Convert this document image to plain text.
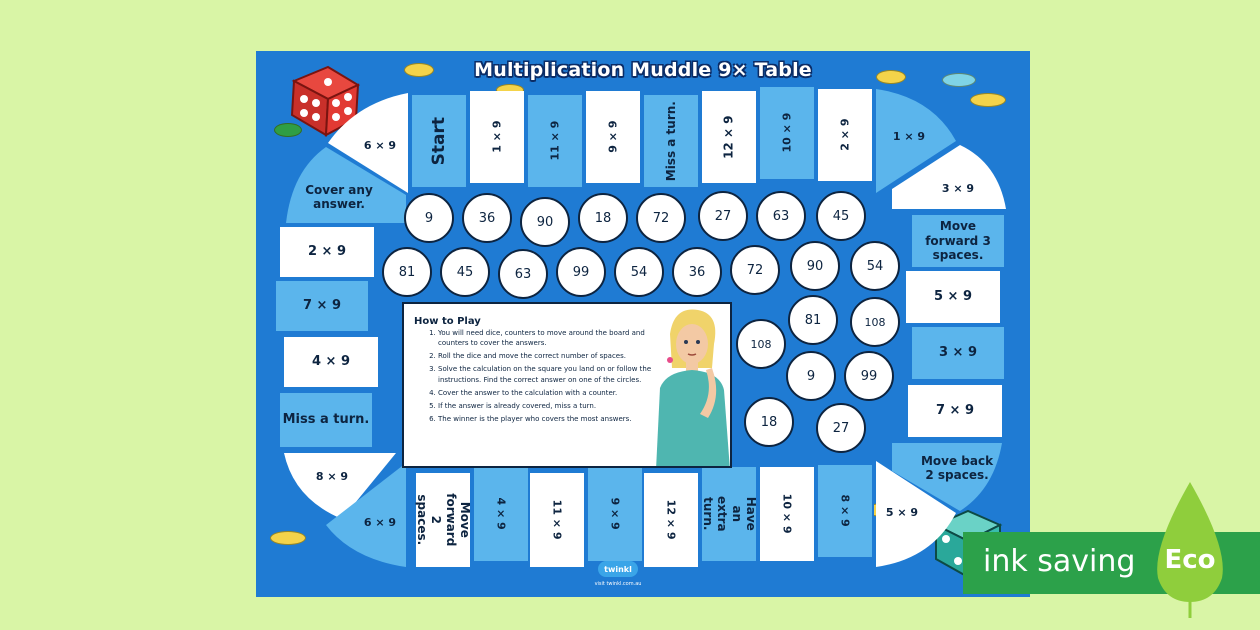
Multiplication Muddle 9× Table
6 × 9
Cover any answer.
1 × 9
3 × 9
8 × 9
6 × 9
Move back 2 spaces.
5 × 9
Start	1 × 9	11 × 9	9 × 9	Miss a turn.	12 × 9	10 × 9	2 × 9
2 × 9
7 × 9
4 × 9
Miss a turn.
Move forward 2 spaces.	4 × 9	11 × 9	9 × 9	12 × 9	Have an extra turn.	10 × 9	8 × 9
Move forward 3 spaces.
5 × 9
3 × 9
7 × 9
9	36	90	18	72	27	63	45
81	45	63	99	54	36	72	90	54
81	108
108
9	99
18	27
How to Play
1. You will need dice, counters to move around the board and counters to cover the answers.
2. Roll the dice and move the correct number of spaces.
3. Solve the calculation on the square you land on or follow the instructions. Find the correct answer on one of the circles.
4. Cover the answer to the calculation with a counter.
5. If the answer is already covered, miss a turn.
6. The winner is the player who covers the most answers.
twinkl
visit twinkl.com.au
ink saving	Eco
